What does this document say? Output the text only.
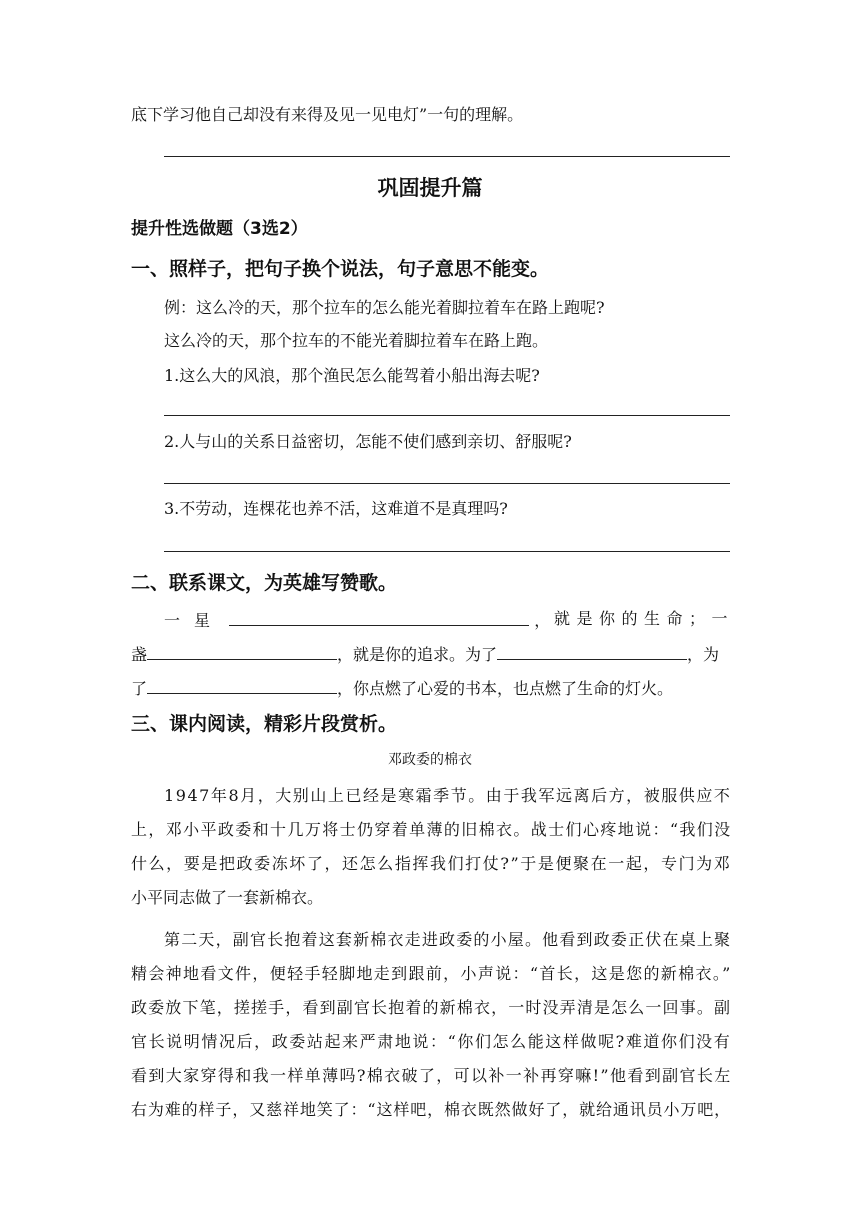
底下学习他自己却没有来得及见一见电灯”一句的理解。
巩固提升篇
提升性选做题（3选2）
一、照样子，把句子换个说法，句子意思不能变。
例：这么冷的天，那个拉车的怎么能光着脚拉着车在路上跑呢?
这么冷的天，那个拉车的不能光着脚拉着车在路上跑。
1.这么大的风浪，那个渔民怎么能驾着小船出海去呢?
2.人与山的关系日益密切，怎能不使们感到亲切、舒服呢?
3.不劳动，连棵花也养不活，这难道不是真理吗?
二、联系课文，为英雄写赞歌。
一星	， 就是你的生命；一
盏	，就是你的追求。为了	，为
了	，你点燃了心爱的书本，也点燃了生命的灯火。
三、课内阅读，精彩片段赏析。
邓政委的棉衣
1947年8月，大别山上已经是寒霜季节。由于我军远离后方，被服供应不
上，邓小平政委和十几万将士仍穿着单薄的旧棉衣。战士们心疼地说：“我们没
什么，要是把政委冻坏了，还怎么指挥我们打仗?”于是便聚在一起，专门为邓
小平同志做了一套新棉衣。
第二天，副官长抱着这套新棉衣走进政委的小屋。他看到政委正伏在桌上聚
精会神地看文件，便轻手轻脚地走到跟前，小声说：“首长，这是您的新棉衣。”
政委放下笔，搓搓手，看到副官长抱着的新棉衣，一时没弄清是怎么一回事。副
官长说明情况后，政委站起来严肃地说：“你们怎么能这样做呢?难道你们没有
看到大家穿得和我一样单薄吗?棉衣破了，可以补一补再穿嘛!”他看到副官长左
右为难的样子，又慈祥地笑了：“这样吧，棉衣既然做好了，就给通讯员小万吧，
